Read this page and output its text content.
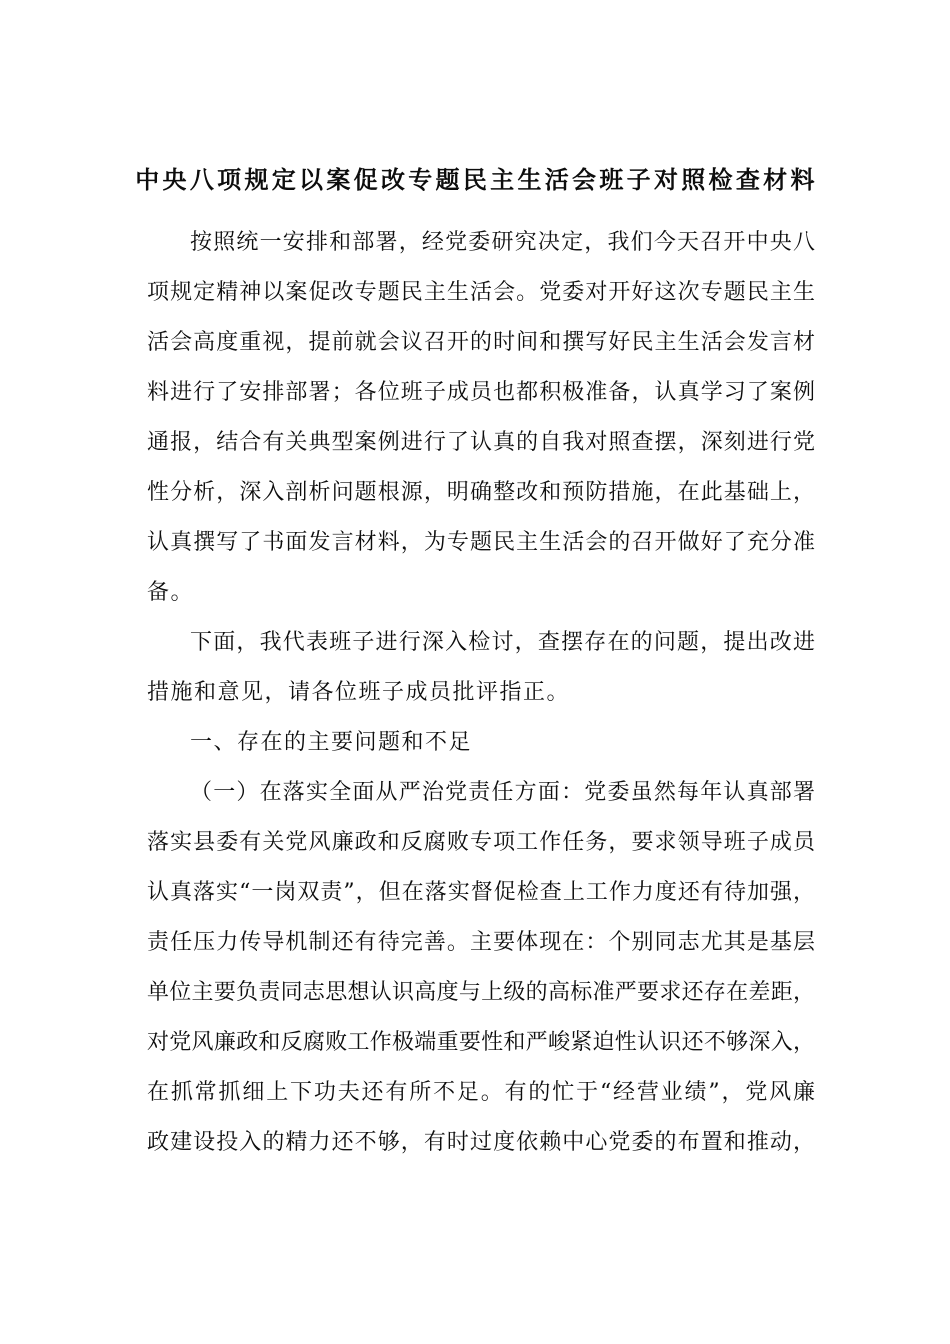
中央八项规定以案促改专题民主生活会班子对照检查材料
按照统一安排和部署，经党委研究决定，我们今天召开中央八
项规定精神以案促改专题民主生活会。党委对开好这次专题民主生
活会高度重视，提前就会议召开的时间和撰写好民主生活会发言材
料进行了安排部署；各位班子成员也都积极准备，认真学习了案例
通报，结合有关典型案例进行了认真的自我对照查摆，深刻进行党
性分析，深入剖析问题根源，明确整改和预防措施，在此基础上，
认真撰写了书面发言材料，为专题民主生活会的召开做好了充分准
备。
下面，我代表班子进行深入检讨，查摆存在的问题，提出改进
措施和意见，请各位班子成员批评指正。
一、存在的主要问题和不足
（一）在落实全面从严治党责任方面：党委虽然每年认真部署
落实县委有关党风廉政和反腐败专项工作任务，要求领导班子成员
认真落实“一岗双责”，但在落实督促检查上工作力度还有待加强，
责任压力传导机制还有待完善。主要体现在：个别同志尤其是基层
单位主要负责同志思想认识高度与上级的高标准严要求还存在差距，
对党风廉政和反腐败工作极端重要性和严峻紧迫性认识还不够深入，
在抓常抓细上下功夫还有所不足。有的忙于“经营业绩”，党风廉
政建设投入的精力还不够，有时过度依赖中心党委的布置和推动，
